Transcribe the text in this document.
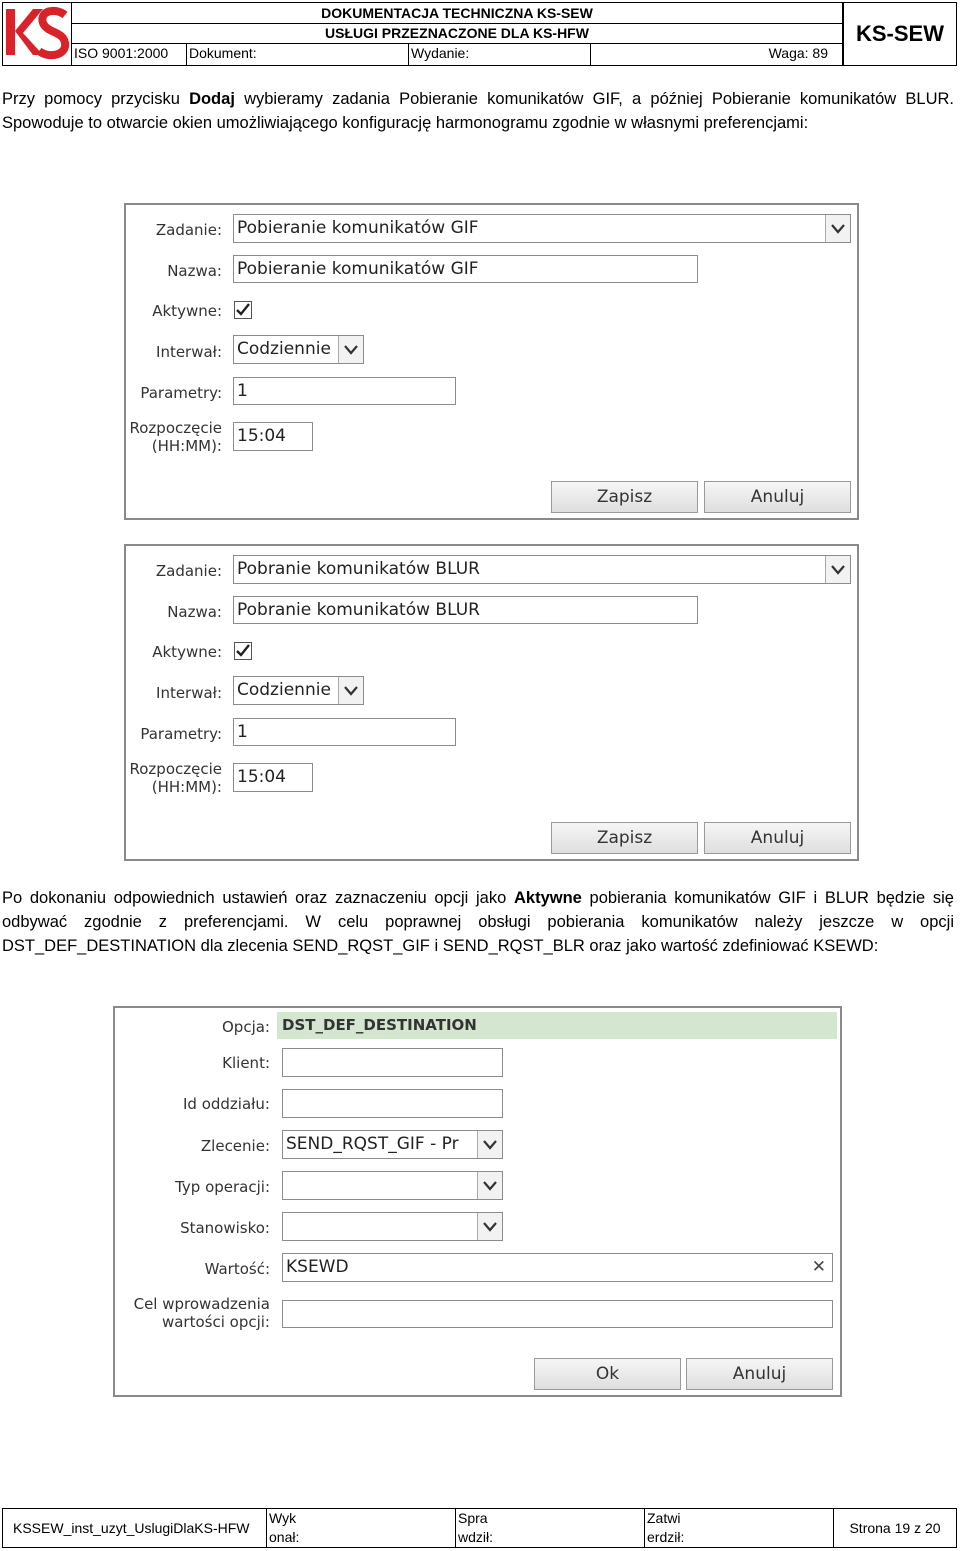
DOKUMENTACJA TECHNICZNA KS-SEW
USŁUGI PRZEZNACZONE DLA KS-HFW
ISO 9001:2000	Dokument:	Wydanie:	Waga: 89
KS-SEW
Przy pomocy przycisku Dodaj wybieramy zadania Pobieranie komunikatów GIF, a później Pobieranie komunikatów BLUR. Spowoduje to otwarcie okien umożliwiającego konfigurację harmonogramu zgodnie w własnymi preferencjami:
Zadanie: Pobieranie komunikatów GIF
Nazwa: Pobieranie komunikatów GIF
Aktywne:
Interwał: Codziennie
Parametry: 1
Rozpoczęcie
(HH:MM): 15:04
Zapisz	Anuluj
Zadanie: Pobranie komunikatów BLUR
Nazwa: Pobranie komunikatów BLUR
Aktywne:
Interwał: Codziennie
Parametry: 1
Rozpoczęcie
(HH:MM): 15:04
Zapisz	Anuluj
Po dokonaniu odpowiednich ustawień oraz zaznaczeniu opcji jako Aktywne pobierania komunikatów GIF i BLUR będzie się odbywać zgodnie z preferencjami. W celu poprawnej obsługi pobierania komunikatów należy jeszcze w opcji DST_DEF_DESTINATION dla zlecenia SEND_RQST_GIF i SEND_RQST_BLR oraz jako wartość zdefiniować KSEWD:
Opcja: DST_DEF_DESTINATION
Klient:
Id oddziału:
Zlecenie: SEND_RQST_GIF - Pr
Typ operacji:
Stanowisko:
Wartość: KSEWD	✕
Cel wprowadzenia
wartości opcji:
Ok	Anuluj
KSSEW_inst_uzyt_UslugiDlaKS-HFW
Wyk
onał:
Spra
wdził:
Zatwi
erdził:
Strona 19 z 20
